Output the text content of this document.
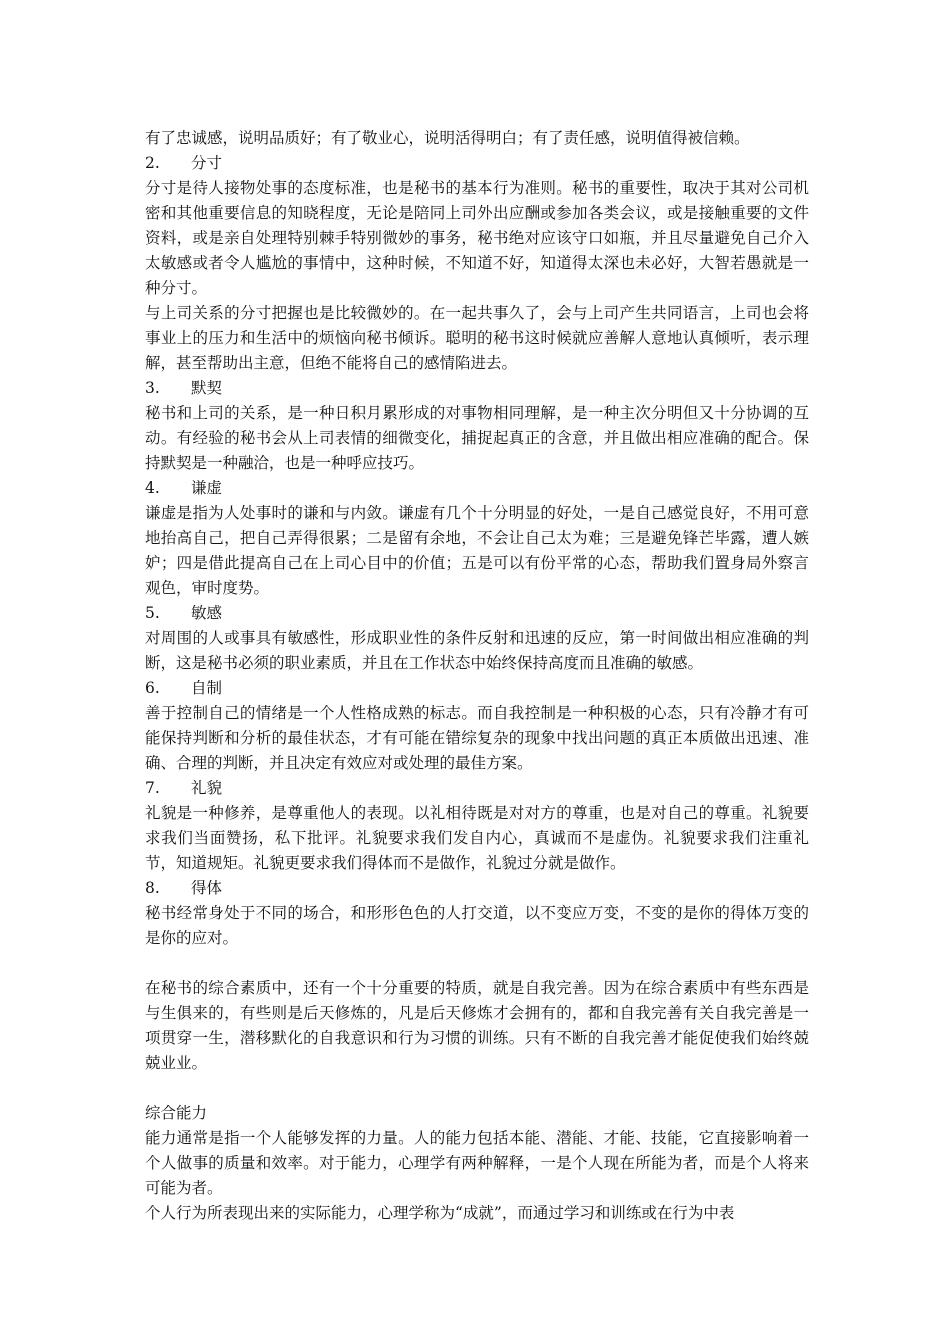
有了忠诚感，说明品质好；有了敬业心，说明活得明白；有了责任感，说明值得被信赖。

2. 分寸

分寸是待人接物处事的态度标准，也是秘书的基本行为准则。秘书的重要性，取决于其对公司机密和其他重要信息的知晓程度，无论是陪同上司外出应酬或参加各类会议，或是接触重要的文件资料，或是亲自处理特别棘手特别微妙的事务，秘书绝对应该守口如瓶，并且尽量避免自己介入太敏感或者令人尴尬的事情中，这种时候，不知道不好，知道得太深也未必好，大智若愚就是一种分寸。

与上司关系的分寸把握也是比较微妙的。在一起共事久了，会与上司产生共同语言，上司也会将事业上的压力和生活中的烦恼向秘书倾诉。聪明的秘书这时候就应善解人意地认真倾听，表示理解，甚至帮助出主意，但绝不能将自己的感情陷进去。

3. 默契

秘书和上司的关系，是一种日积月累形成的对事物相同理解，是一种主次分明但又十分协调的互动。有经验的秘书会从上司表情的细微变化，捕捉起真正的含意，并且做出相应准确的配合。保持默契是一种融洽，也是一种呼应技巧。

4. 谦虚

谦虚是指为人处事时的谦和与内敛。谦虚有几个十分明显的好处，一是自己感觉良好，不用可意地抬高自己，把自己弄得很累；二是留有余地，不会让自己太为难；三是避免锋芒毕露，遭人嫉妒；四是借此提高自己在上司心目中的价值；五是可以有份平常的心态，帮助我们置身局外察言观色，审时度势。

5. 敏感

对周围的人或事具有敏感性，形成职业性的条件反射和迅速的反应，第一时间做出相应准确的判断，这是秘书必须的职业素质，并且在工作状态中始终保持高度而且准确的敏感。

6. 自制

善于控制自己的情绪是一个人性格成熟的标志。而自我控制是一种积极的心态，只有冷静才有可能保持判断和分析的最佳状态，才有可能在错综复杂的现象中找出问题的真正本质做出迅速、准确、合理的判断，并且决定有效应对或处理的最佳方案。

7. 礼貌

礼貌是一种修养，是尊重他人的表现。以礼相待既是对对方的尊重，也是对自己的尊重。礼貌要求我们当面赞扬，私下批评。礼貌要求我们发自内心，真诚而不是虚伪。礼貌要求我们注重礼节，知道规矩。礼貌更要求我们得体而不是做作，礼貌过分就是做作。

8. 得体

秘书经常身处于不同的场合，和形形色色的人打交道，以不变应万变，不变的是你的得体万变的是你的应对。

在秘书的综合素质中，还有一个十分重要的特质，就是自我完善。因为在综合素质中有些东西是与生俱来的，有些则是后天修炼的，凡是后天修炼才会拥有的，都和自我完善有关自我完善是一项贯穿一生，潜移默化的自我意识和行为习惯的训练。只有不断的自我完善才能促使我们始终兢兢业业。

综合能力

能力通常是指一个人能够发挥的力量。人的能力包括本能、潜能、才能、技能，它直接影响着一个人做事的质量和效率。对于能力，心理学有两种解释，一是个人现在所能为者，而是个人将来可能为者。

个人行为所表现出来的实际能力，心理学称为“成就”，而通过学习和训练或在行为中表
